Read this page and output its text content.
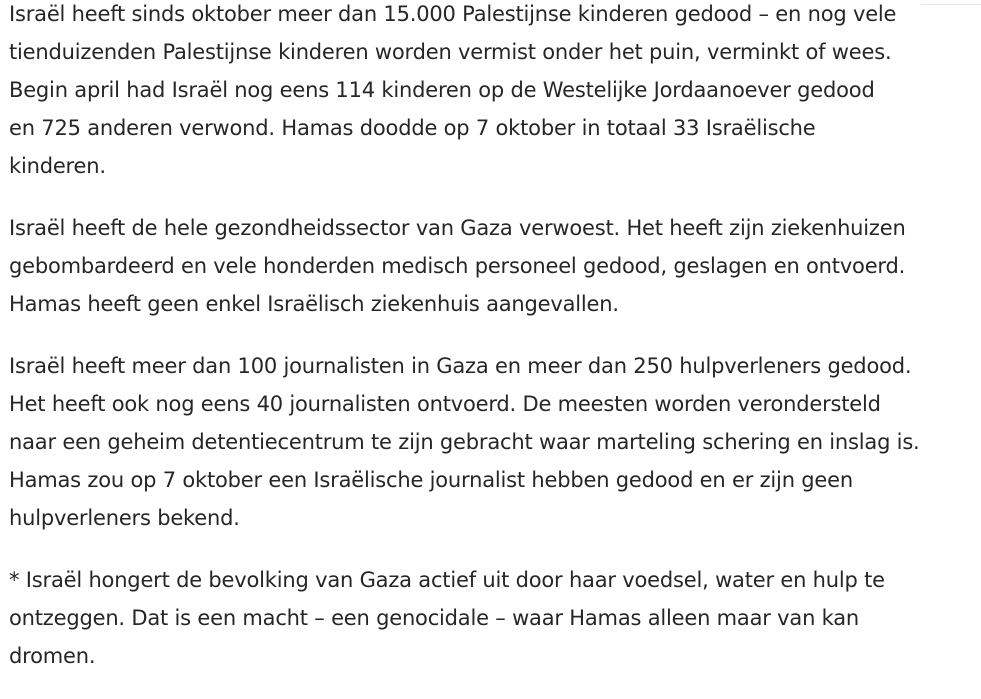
Israël heeft sinds oktober meer dan 15.000 Palestijnse kinderen gedood – en nog vele
tienduizenden Palestijnse kinderen worden vermist onder het puin, verminkt of wees.
Begin april had Israël nog eens 114 kinderen op de Westelijke Jordaanoever gedood
en 725 anderen verwond. Hamas doodde op 7 oktober in totaal 33 Israëlische
kinderen.

Israël heeft de hele gezondheidssector van Gaza verwoest. Het heeft zijn ziekenhuizen
gebombardeerd en vele honderden medisch personeel gedood, geslagen en ontvoerd.
Hamas heeft geen enkel Israëlisch ziekenhuis aangevallen.

Israël heeft meer dan 100 journalisten in Gaza en meer dan 250 hulpverleners gedood.
Het heeft ook nog eens 40 journalisten ontvoerd. De meesten worden verondersteld
naar een geheim detentiecentrum te zijn gebracht waar marteling schering en inslag is.
Hamas zou op 7 oktober een Israëlische journalist hebben gedood en er zijn geen
hulpverleners bekend.

* Israël hongert de bevolking van Gaza actief uit door haar voedsel, water en hulp te
ontzeggen. Dat is een macht – een genocidale – waar Hamas alleen maar van kan
dromen.
